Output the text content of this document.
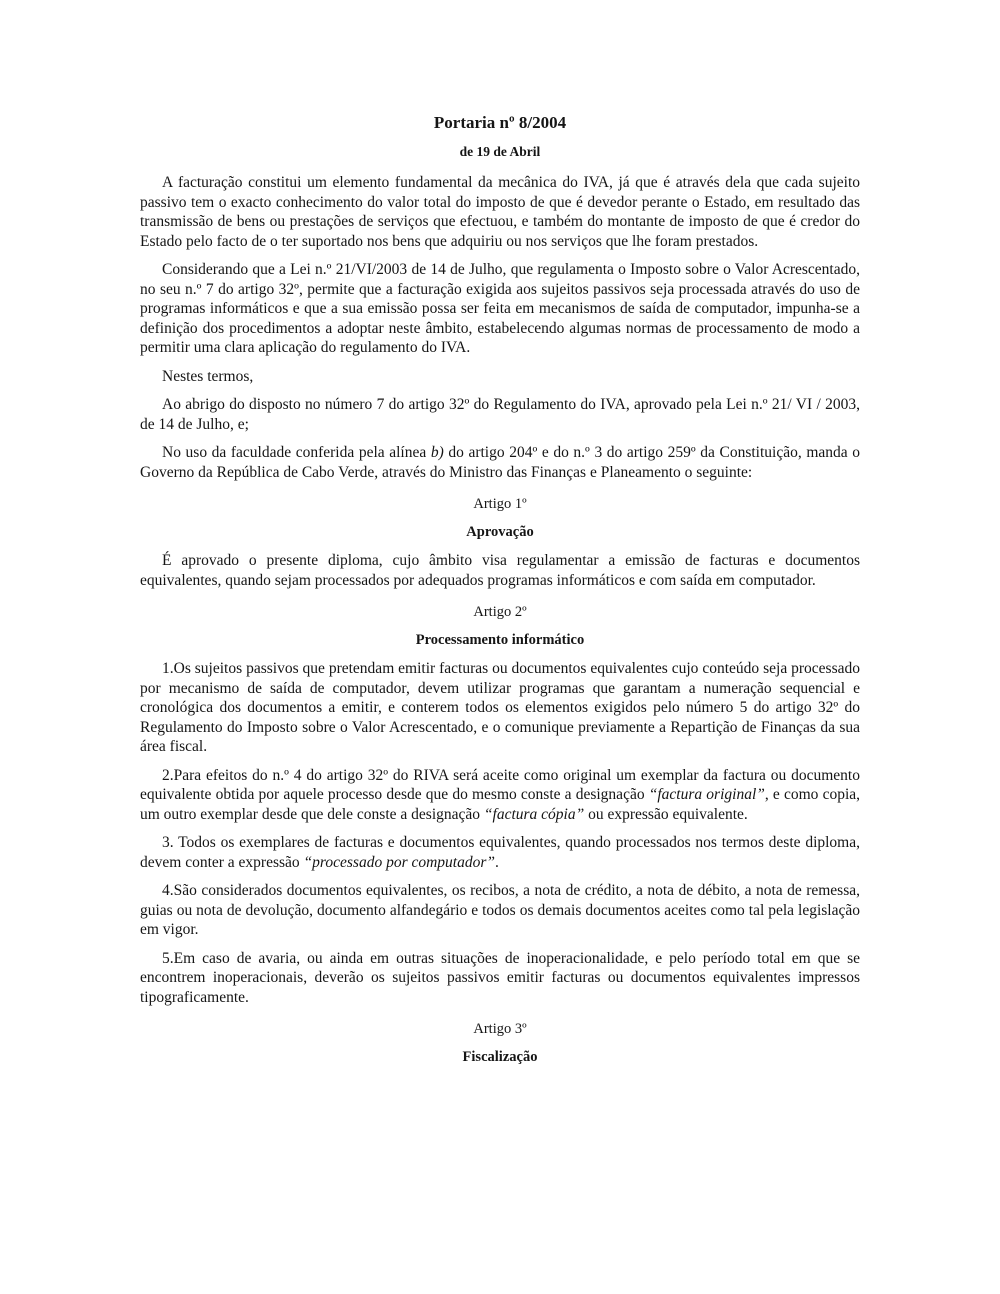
Portaria nº 8/2004
de 19 de Abril

A facturação constitui um elemento fundamental da mecânica do IVA, já que é através dela que cada sujeito passivo tem o exacto conhecimento do valor total do imposto de que é devedor perante o Estado, em resultado das transmissão de bens ou prestações de serviços que efectuou, e também do montante de imposto de que é credor do Estado pelo facto de o ter suportado nos bens que adquiriu ou nos serviços que lhe foram prestados.

Considerando que a Lei n.º 21/VI/2003 de 14 de Julho, que regulamenta o Imposto sobre o Valor Acrescentado, no seu n.º 7 do artigo 32º, permite que a facturação exigida aos sujeitos passivos seja processada através do uso de programas informáticos e que a sua emissão possa ser feita em mecanismos de saída de computador, impunha-se a definição dos procedimentos a adoptar neste âmbito, estabelecendo algumas normas de processamento de modo a permitir uma clara aplicação do regulamento do IVA.

Nestes termos,

Ao abrigo do disposto no número 7 do artigo 32º do Regulamento do IVA, aprovado pela Lei n.º 21/ VI / 2003, de 14 de Julho, e;

No uso da faculdade conferida pela alínea b) do artigo 204º e do n.º 3 do artigo 259º da Constituição, manda o Governo da República de Cabo Verde, através do Ministro das Finanças e Planeamento o seguinte:

Artigo 1º

Aprovação

É aprovado o presente diploma, cujo âmbito visa regulamentar a emissão de facturas e documentos equivalentes, quando sejam processados por adequados programas informáticos e com saída em computador.

Artigo 2º

Processamento informático

1.Os sujeitos passivos que pretendam emitir facturas ou documentos equivalentes cujo conteúdo seja processado por mecanismo de saída de computador, devem utilizar programas que garantam a numeração sequencial e cronológica dos documentos a emitir, e conterem todos os elementos exigidos pelo número 5 do artigo 32º do Regulamento do Imposto sobre o Valor Acrescentado, e o comunique previamente a Repartição de Finanças da sua área fiscal.

2.Para efeitos do n.º 4 do artigo 32º do RIVA será aceite como original um exemplar da factura ou documento equivalente obtida por aquele processo desde que do mesmo conste a designação “factura original”, e como copia, um outro exemplar desde que dele conste a designação “factura cópia” ou expressão equivalente.

3. Todos os exemplares de facturas e documentos equivalentes, quando processados nos termos deste diploma, devem conter a expressão “processado por computador”.

4.São considerados documentos equivalentes, os recibos, a nota de crédito, a nota de débito, a nota de remessa, guias ou nota de devolução, documento alfandegário e todos os demais documentos aceites como tal pela legislação em vigor.

5.Em caso de avaria, ou ainda em outras situações de inoperacionalidade, e pelo período total em que se encontrem inoperacionais, deverão os sujeitos passivos emitir facturas ou documentos equivalentes impressos tipograficamente.

Artigo 3º

Fiscalização
